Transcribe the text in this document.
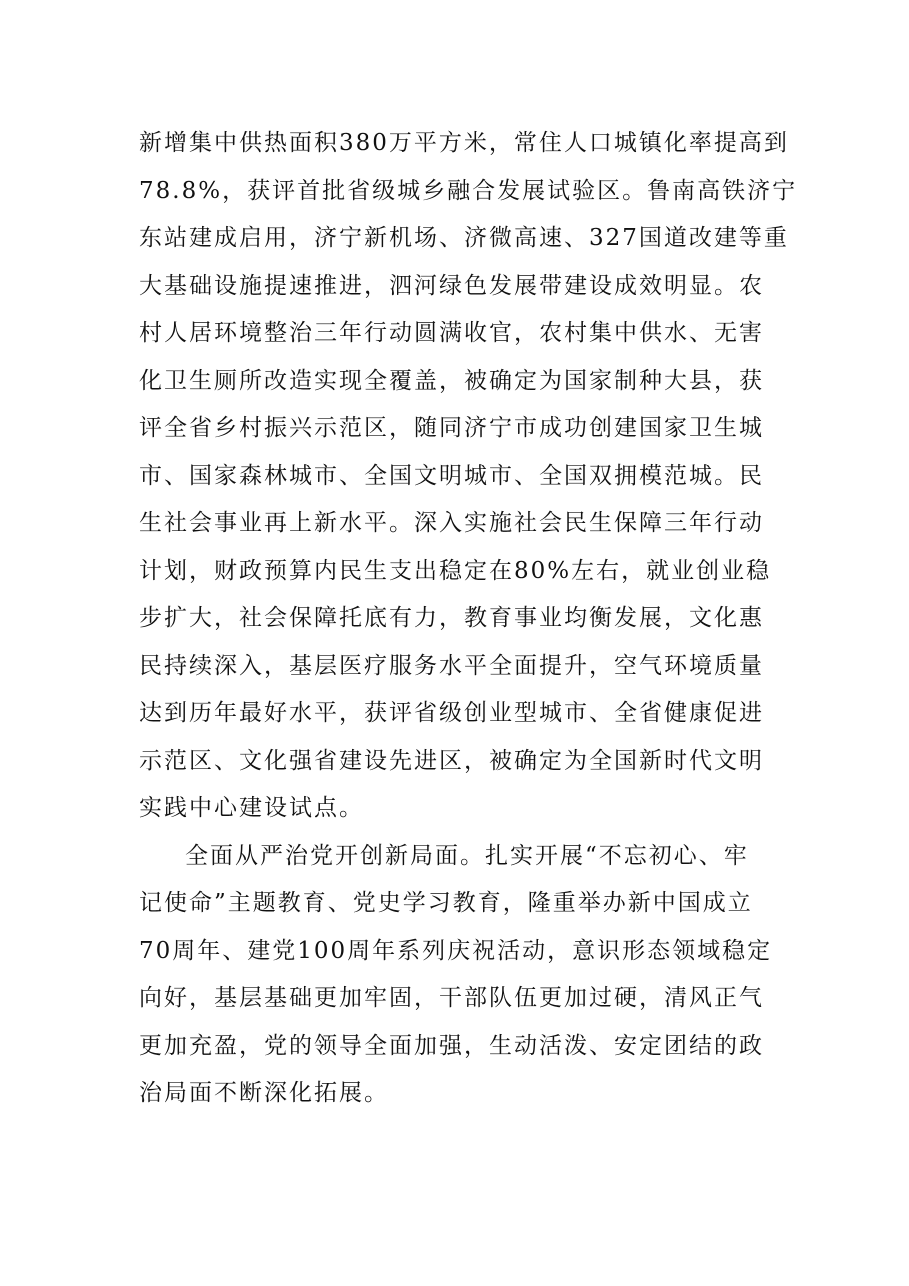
新增集中供热面积380万平方米，常住人口城镇化率提高到
78.8%，获评首批省级城乡融合发展试验区。鲁南高铁济宁
东站建成启用，济宁新机场、济微高速、327国道改建等重
大基础设施提速推进，泗河绿色发展带建设成效明显。农
村人居环境整治三年行动圆满收官，农村集中供水、无害
化卫生厕所改造实现全覆盖，被确定为国家制种大县，获
评全省乡村振兴示范区，随同济宁市成功创建国家卫生城
市、国家森林城市、全国文明城市、全国双拥模范城。民
生社会事业再上新水平。深入实施社会民生保障三年行动
计划，财政预算内民生支出稳定在80%左右，就业创业稳
步扩大，社会保障托底有力，教育事业均衡发展，文化惠
民持续深入，基层医疗服务水平全面提升，空气环境质量
达到历年最好水平，获评省级创业型城市、全省健康促进
示范区、文化强省建设先进区，被确定为全国新时代文明
实践中心建设试点。
全面从严治党开创新局面。扎实开展“不忘初心、牢
记使命”主题教育、党史学习教育，隆重举办新中国成立
70周年、建党100周年系列庆祝活动，意识形态领域稳定
向好，基层基础更加牢固，干部队伍更加过硬，清风正气
更加充盈，党的领导全面加强，生动活泼、安定团结的政
治局面不断深化拓展。
